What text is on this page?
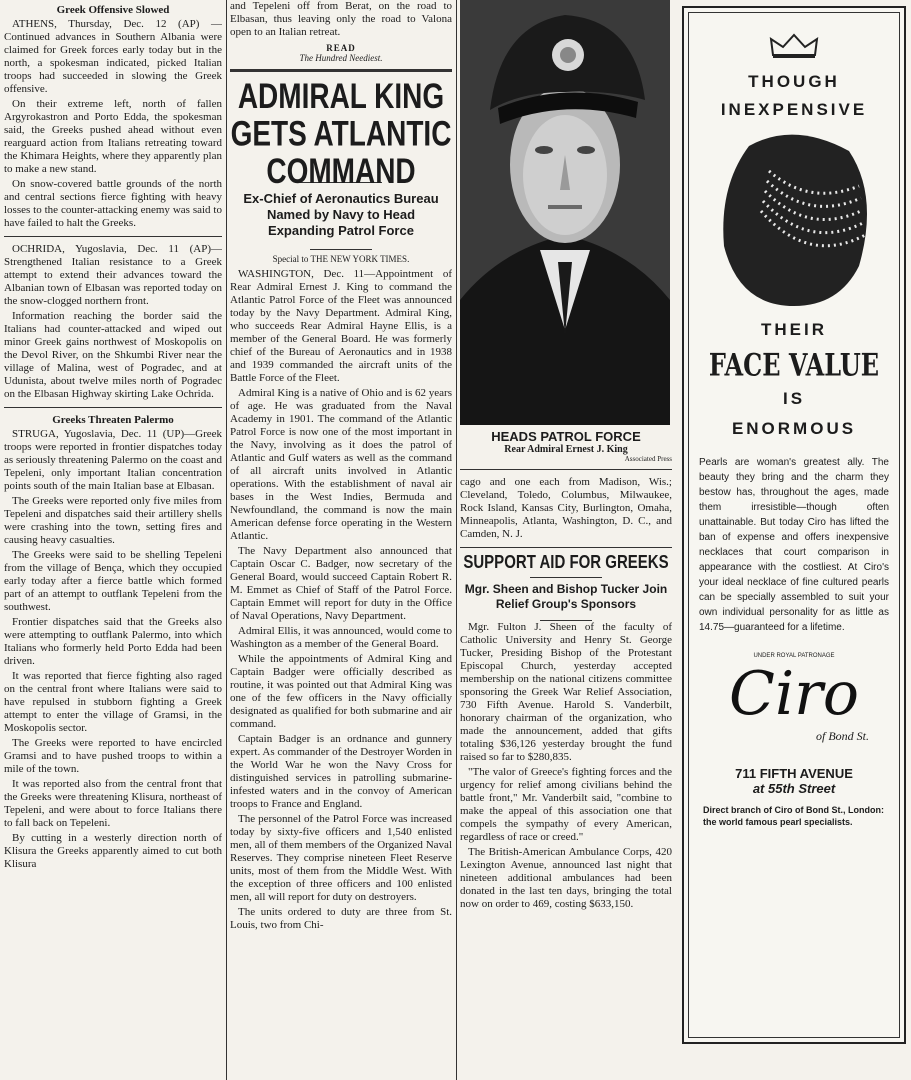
Greek Offensive Slowed

ATHENS, Thursday, Dec. 12 (AP) —Continued advances in Southern Albania were claimed for Greek forces early today but in the north, a spokesman indicated, picked Italian troops had succeeded in slowing the Greek offensive.

On their extreme left, north of fallen Argyrokastron and Porto Edda, the spokesman said, the Greeks pushed ahead without even rearguard action from Italians retreating toward the Khimara Heights, where they apparently plan to make a new stand.

On snow-covered battle grounds of the north and central sections fierce fighting with heavy losses to the counter-attacking enemy was said to have failed to halt the Greeks.

OCHRIDA, Yugoslavia, Dec. 11 (AP)—Strengthened Italian resistance to a Greek attempt to extend their advances toward the Albanian town of Elbasan was reported today on the snow-clogged northern front.

Information reaching the border said the Italians had counter-attacked and wiped out minor Greek gains northwest of Moskopolis on the Devol River, on the Shkumbi River near the village of Malina, west of Pogradec, and at Udunista, about twelve miles north of Pogradec on the Elbasan Highway skirting Lake Ochrida.

Greeks Threaten Palermo

STRUGA, Yugoslavia, Dec. 11 (UP)—Greek troops were reported in frontier dispatches today as seriously threatening Palermo on the coast and Tepeleni, only important Italian concentration points south of the main Italian base at Elbasan.

The Greeks were reported only five miles from Tepeleni and dispatches said their artillery shells were crashing into the town, setting fires and causing heavy casualties.

The Greeks were said to be shelling Tepeleni from the village of Bença, which they occupied early today after a fierce battle which formed part of an attempt to outflank Tepeleni from the southwest.

Frontier dispatches said that the Greeks also were attempting to outflank Palermo, into which Italians who formerly held Porto Edda had been driven.

It was reported that fierce fighting also raged on the central front where Italians were said to have repulsed in stubborn fighting a Greek attempt to enter the village of Gramsi, in the Moskopolis sector.

The Greeks were reported to have encircled Gramsi and to have pushed troops to within a mile of the town.

It was reported also from the central front that the Greeks were threatening Klisura, northeast of Tepeleni, and were about to force Italians there to fall back on Tepeleni.

By cutting in a westerly direction north of Klisura the Greeks apparently aimed to cut both Klisura

and Tepeleni off from Berat, on the road to Elbasan, thus leaving only the road to Valona open to an Italian retreat.

READ
The Hundred Neediest.
ADMIRAL KING GETS ATLANTIC COMMAND
Ex-Chief of Aeronautics Bureau Named by Navy to Head Expanding Patrol Force
Special to THE NEW YORK TIMES.

WASHINGTON, Dec. 11—Appointment of Rear Admiral Ernest J. King to command the Atlantic Patrol Force of the Fleet was announced today by the Navy Department. Admiral King, who succeeds Rear Admiral Hayne Ellis, is a member of the General Board. He was formerly chief of the Bureau of Aeronautics and in 1938 and 1939 commanded the aircraft units of the Battle Force of the Fleet.

Admiral King is a native of Ohio and is 62 years of age. He was graduated from the Naval Academy in 1901. The command of the Atlantic Patrol Force is now one of the most important in the Navy, involving as it does the patrol of Atlantic and Gulf waters as well as the command of all aircraft units involved in Atlantic operations. With the establishment of naval air bases in the West Indies, Bermuda and Newfoundland, the command is now the main American defense force operating in the Western Atlantic.

The Navy Department also announced that Captain Oscar C. Badger, now secretary of the General Board, would succeed Captain Robert R. M. Emmet as Chief of Staff of the Patrol Force. Captain Emmet will report for duty in the Office of Naval Operations, Navy Department.

Admiral Ellis, it was announced, would come to Washington as a member of the General Board.

While the appointments of Admiral King and Captain Badger were officially described as routine, it was pointed out that Admiral King was one of the few officers in the Navy officially designated as qualified for both submarine and air command.

Captain Badger is an ordnance and gunnery expert. As commander of the Destroyer Worden in the World War he won the Navy Cross for distinguished services in patrolling submarine-infested waters and in the convoy of American troops to France and England.

The personnel of the Patrol Force was increased today by sixty-five officers and 1,540 enlisted men, all of them members of the Organized Naval Reserves. They comprise nineteen Fleet Reserve units, most of them from the Middle West. With the exception of three officers and 100 enlisted men, all will report for duty on destroyers.

The units ordered to duty are three from St. Louis, two from Chi-

HEADS PATROL FORCE
Rear Admiral Ernest J. King
Associated Press

cago and one each from Madison, Wis.; Cleveland, Toledo, Columbus, Milwaukee, Rock Island, Kansas City, Burlington, Omaha, Minneapolis, Atlanta, Washington, D. C., and Camden, N. J.

SUPPORT AID FOR GREEKS
Mgr. Sheen and Bishop Tucker Join Relief Group's Sponsors

Mgr. Fulton J. Sheen of the faculty of Catholic University and Henry St. George Tucker, Presiding Bishop of the Protestant Episcopal Church, yesterday accepted membership on the national citizens committee sponsoring the Greek War Relief Association, 730 Fifth Avenue. Harold S. Vanderbilt, honorary chairman of the organization, who made the announcement, added that gifts totaling $36,126 yesterday brought the fund raised so far to $280,835.

"The valor of Greece's fighting forces and the urgency for relief among civilians behind the battle front," Mr. Vanderbilt said, "combine to make the appeal of this association one that compels the sympathy of every American, regardless of race or creed."

The British-American Ambulance Corps, 420 Lexington Avenue, announced last night that nineteen additional ambulances had been donated in the last ten days, bringing the total now on order to 469, costing $633,150.

THOUGH
INEXPENSIVE
THEIR
FACE VALUE
IS
ENORMOUS
Pearls are woman's greatest ally. The beauty they bring and the charm they bestow has, throughout the ages, made them irresistible—though often unattainable. But today Ciro has lifted the ban of expense and offers inexpensive necklaces that court comparison in appearance with the costliest. At Ciro's your ideal necklace of fine cultured pearls can be specially assembled to suit your own individual personality for as little as 14.75—guaranteed for a lifetime.
UNDER ROYAL PATRONAGE
Ciro
of Bond St.
711 FIFTH AVENUE
at 55th Street
Direct branch of Ciro of Bond St., London: the world famous pearl specialists.
